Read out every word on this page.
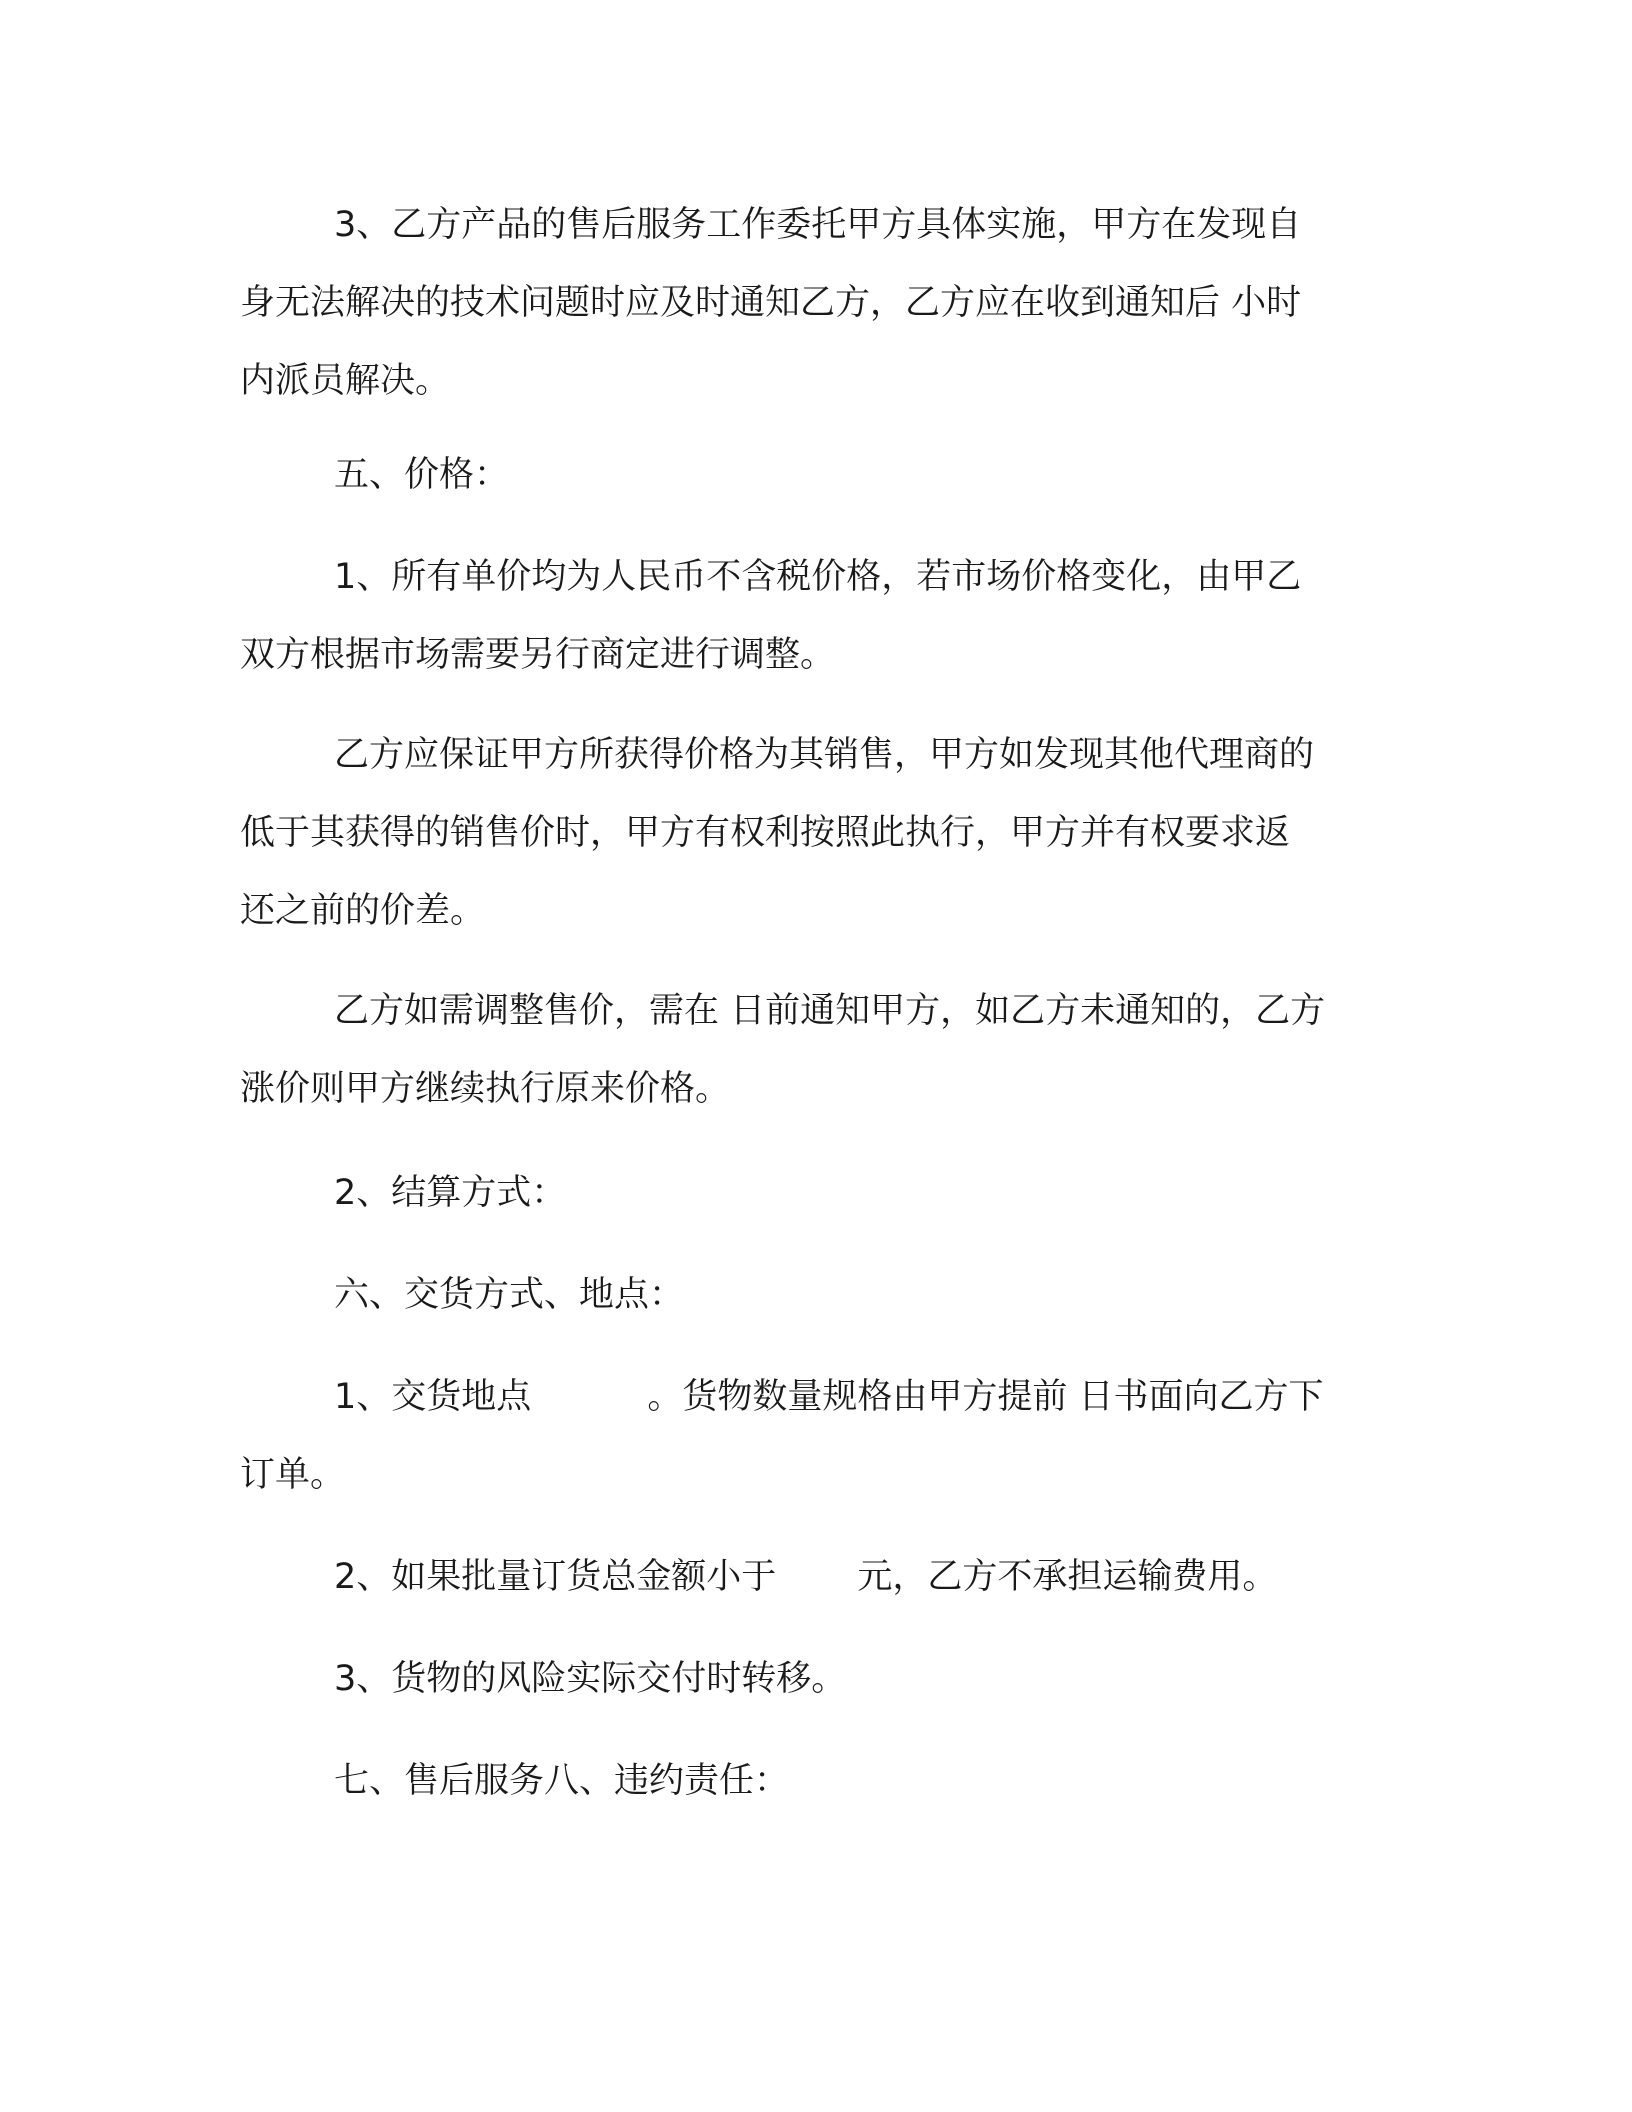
3、乙方产品的售后服务工作委托甲方具体实施，甲方在发现自
身无法解决的技术问题时应及时通知乙方，乙方应在收到通知后 小时
内派员解决。

五、价格：

1、所有单价均为人民币不含税价格，若市场价格变化，由甲乙
双方根据市场需要另行商定进行调整。

乙方应保证甲方所获得价格为其销售，甲方如发现其他代理商的
低于其获得的销售价时，甲方有权利按照此执行，甲方并有权要求返
还之前的价差。

乙方如需调整售价，需在 日前通知甲方，如乙方未通知的，乙方
涨价则甲方继续执行原来价格。

2、结算方式：

六、交货方式、地点：

1、交货地点　　　 。货物数量规格由甲方提前 日书面向乙方下
订单。

2、如果批量订货总金额小于　　 元，乙方不承担运输费用。

3、货物的风险实际交付时转移。

七、售后服务八、违约责任：
